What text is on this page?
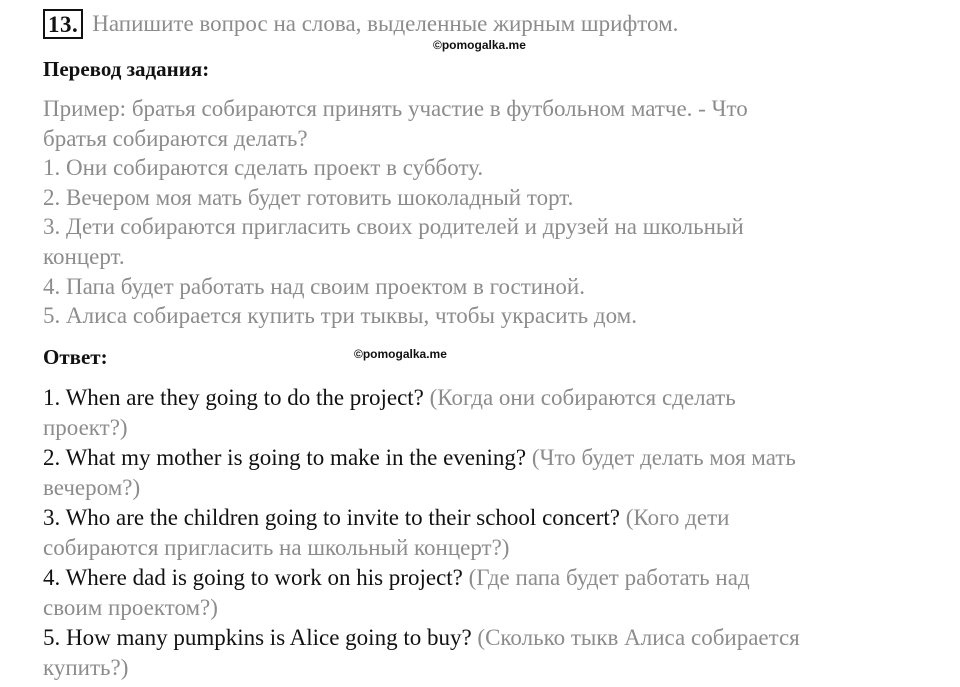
13. Напишите вопрос на слова, выделенные жирным шрифтом.
©pomogalka.me
Перевод задания:
Пример: братья собираются принять участие в футбольном матче. - Что
братья собираются делать?
1. Они собираются сделать проект в субботу.
2. Вечером моя мать будет готовить шоколадный торт.
3. Дети собираются пригласить своих родителей и друзей на школьный
концерт.
4. Папа будет работать над своим проектом в гостиной.
5. Алиса собирается купить три тыквы, чтобы украсить дом.
Ответ:	©pomogalka.me
1. When are they going to do the project? (Когда они собираются сделать
проект?)
2. What my mother is going to make in the evening? (Что будет делать моя мать
вечером?)
3. Who are the children going to invite to their school concert? (Кого дети
собираются пригласить на школьный концерт?)
4. Where dad is going to work on his project? (Где папа будет работать над
своим проектом?)
5. How many pumpkins is Alice going to buy? (Сколько тыкв Алиса собирается
купить?)
